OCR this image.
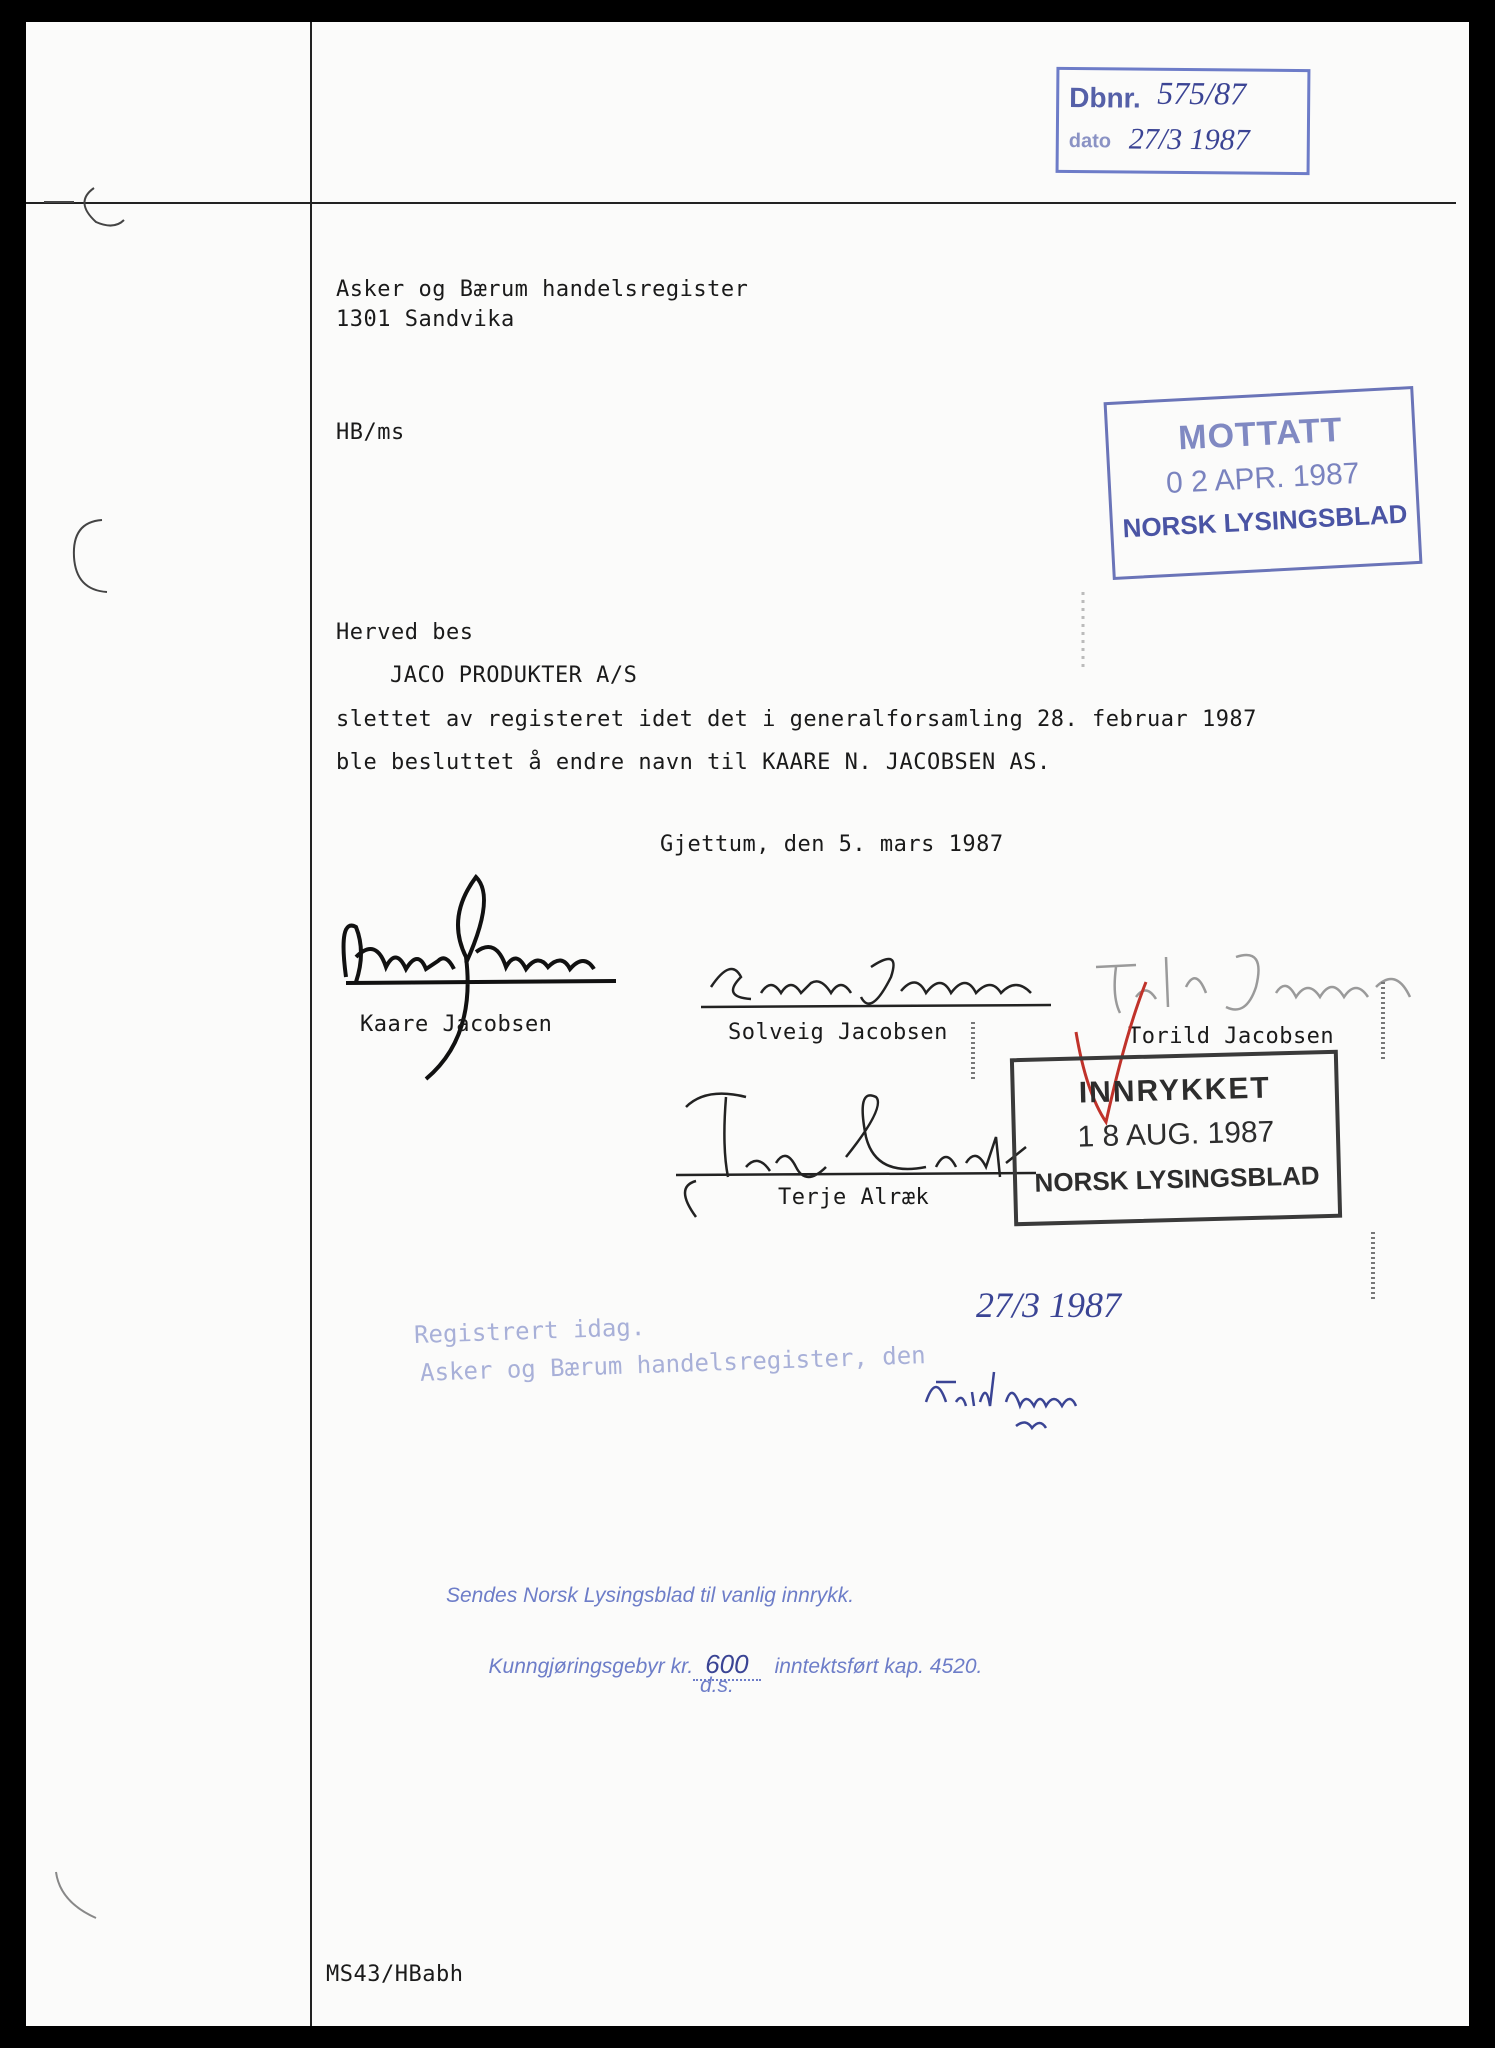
Dbnr. 575/87
dato 27/3 1987
Asker og Bærum handelsregister
1301 Sandvika
HB/ms	MOTTATT
0 2 APR. 1987
NORSK LYSINGSBLAD
Herved bes
JACO PRODUKTER A/S
slettet av registeret idet det i generalforsamling 28. februar 1987
ble besluttet å endre navn til KAARE N. JACOBSEN AS.
Gjettum, den 5. mars 1987
Kaare Jacobsen	Solveig Jacobsen	Torild Jacobsen
Terje Alræk
INNRYKKET
1 8 AUG. 1987
NORSK LYSINGSBLAD
Registrert idag.
Asker og Bærum handelsregister, den
27/3 1987
Sendes Norsk Lysingsblad til vanlig innrykk.

Kunngjøringsgebyr kr. 600 inntektsført kap. 4520.

d.s.
MS43/HBabh
